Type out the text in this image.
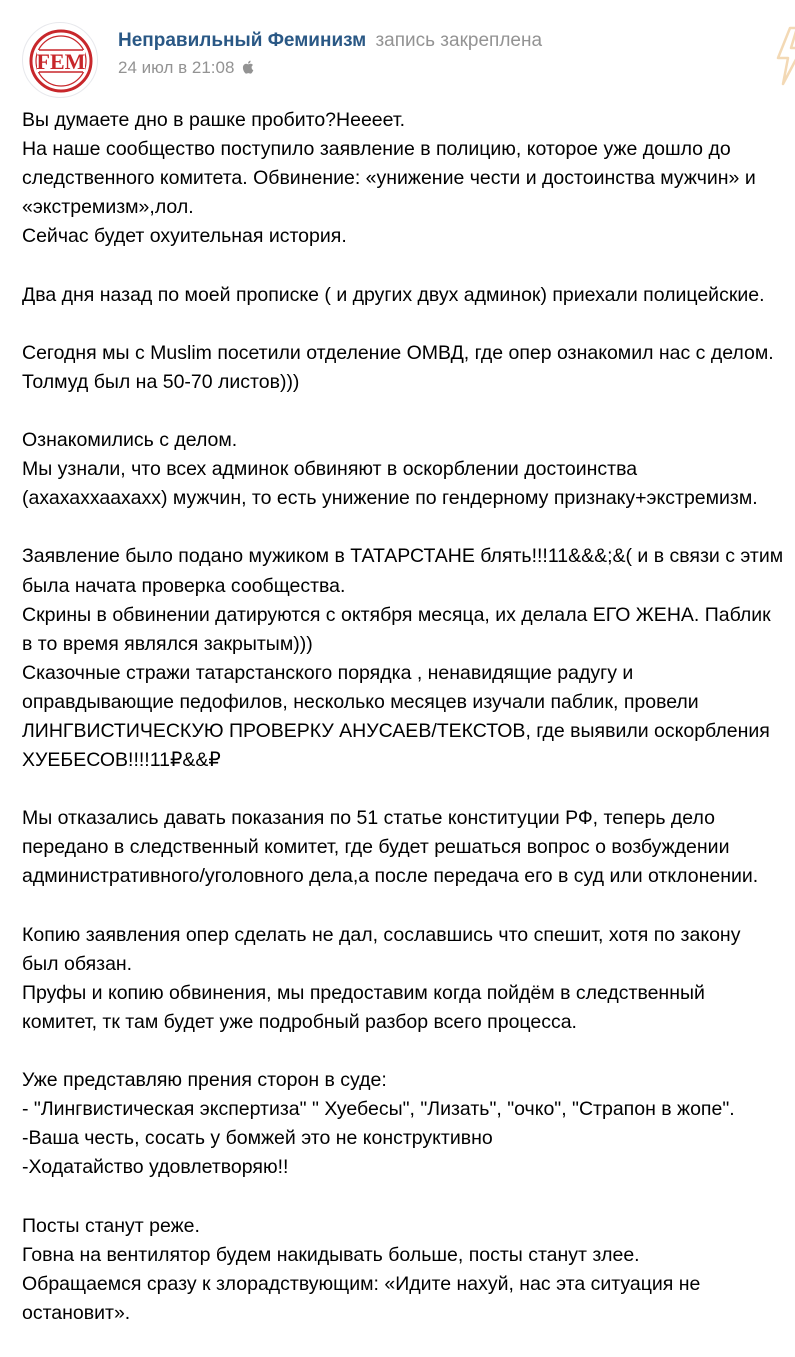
FEM
Неправильный Феминизм запись закреплена
24 июл в 21:08
Вы думаете дно в рашке пробито?Неееет.
На наше сообщество поступило заявление в полицию, которое уже дошло до
следственного комитета. Обвинение: «унижение чести и достоинства мужчин» и
«экстремизм»,лол.
Сейчас будет охуительная история.
Два дня назад по моей прописке ( и других двух админок) приехали полицейские.
Сегодня мы с Muslim посетили отделение ОМВД, где опер ознакомил нас с делом.
Толмуд был на 50-70 листов)))
Ознакомились с делом.
Мы узнали, что всех админок обвиняют в оскорблении достоинства
(ахахаххаахахх) мужчин, то есть унижение по гендерному признаку+экстремизм.
Заявление было подано мужиком в ТАТАРСТАНЕ блять!!!11&&&;&( и в связи с этим
была начата проверка сообщества.
Скрины в обвинении датируются с октября месяца, их делала ЕГО ЖЕНА. Паблик
в то время являлся закрытым)))
Сказочные стражи татарстанского порядка , ненавидящие радугу и
оправдывающие педофилов, несколько месяцев изучали паблик, провели
ЛИНГВИСТИЧЕСКУЮ ПРОВЕРКУ АНУСАЕВ/ТЕКСТОВ, где выявили оскорбления
ХУЕБЕСОВ!!!!11₽&&₽
Мы отказались давать показания по 51 статье конституции РФ, теперь дело
передано в следственный комитет, где будет решаться вопрос о возбуждении
административного/уголовного дела,а после передача его в суд или отклонении.
Копию заявления опер сделать не дал, сославшись что спешит, хотя по закону
был обязан.
Пруфы и копию обвинения, мы предоставим когда пойдём в следственный
комитет, тк там будет уже подробный разбор всего процесса.
Уже представляю прения сторон в суде:
- "Лингвистическая экспертиза" " Хуебесы", "Лизать", "очко", "Страпон в жопе".
-Ваша честь, сосать у бомжей это не конструктивно
-Ходатайство удовлетворяю!!
Посты станут реже.
Говна на вентилятор будем накидывать больше, посты станут злее.
Обращаемся сразу к злорадствующим: «Идите нахуй, нас эта ситуация не
остановит».
